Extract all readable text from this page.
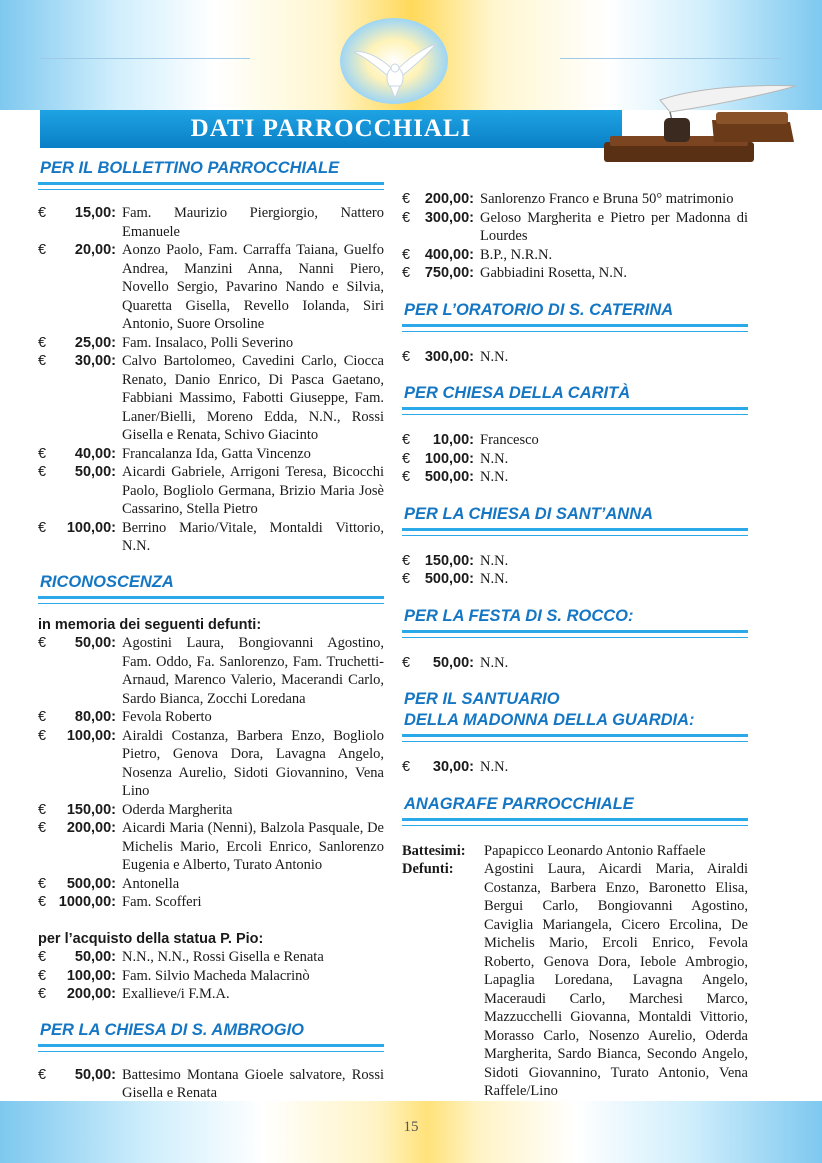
DATI PARROCCHIALI
PER IL BOLLETTINO PARROCCHIALE
€	15,00: Fam. Maurizio Piergiorgio, Nattero Emanuele
€	20,00: Aonzo Paolo, Fam. Carraffa Taiana, Guelfo Andrea, Manzini Anna, Nanni Piero, Novello Sergio, Pavarino Nando e Silvia, Quaretta Gisella, Revello Iolanda, Siri Antonio, Suore Orsoline
€	25,00: Fam. Insalaco, Polli Severino
€	30,00: Calvo Bartolomeo, Cavedini Carlo, Ciocca Renato, Danio Enrico, Di Pasca Gaetano, Fabbiani Massimo, Fabotti Giuseppe, Fam. Laner/Bielli, Moreno Edda, N.N., Rossi Gisella e Renata, Schivo Giacinto
€	40,00: Francalanza Ida, Gatta Vincenzo
€	50,00: Aicardi Gabriele, Arrigoni Teresa, Bicocchi Paolo, Bogliolo Germana, Brizio Maria Josè Cassarino, Stella Pietro
€	100,00: Berrino Mario/Vitale, Montaldi Vittorio, N.N.
RICONOSCENZA

in memoria dei seguenti defunti:

€	50,00: Agostini Laura, Bongiovanni Agostino, Fam. Oddo, Fa. Sanlorenzo, Fam. Truchetti-Arnaud, Marenco Valerio, Macerandi Carlo, Sardo Bianca, Zocchi Loredana
€	80,00: Fevola Roberto
€	100,00: Airaldi Costanza, Barbera Enzo, Bogliolo Pietro, Genova Dora, Lavagna Angelo, Nosenza Aurelio, Sidoti Giovannino, Vena Lino
€	150,00: Oderda Margherita
€	200,00: Aicardi Maria (Nenni), Balzola Pasquale, De Michelis Mario, Ercoli Enrico, Sanlorenzo Eugenia e Alberto, Turato Antonio
€	500,00: Antonella
€ 1000,00: Fam. Scofferi

per l’acquisto della statua P. Pio:

€	50,00: N.N., N.N., Rossi Gisella e Renata
€	100,00: Fam. Silvio Macheda Malacrinò
€	200,00: Exallieve/i F.M.A.
PER LA CHIESA DI S. AMBROGIO
€	50,00: Battesimo Montana Gioele salvatore, Rossi Gisella e Renata
€	200,00: Sanlorenzo Franco e Bruna 50° matrimonio
€	300,00: Geloso Margherita e Pietro per Madonna di Lourdes
€	400,00: B.P., N.R.N.
€	750,00: Gabbiadini Rosetta, N.N.
PER L’ORATORIO DI S. CATERINA
€	300,00: N.N.
PER CHIESA DELLA CARITÀ
€	10,00: Francesco
€	100,00: N.N.
€	500,00: N.N.
PER LA CHIESA DI SANT’ANNA
€	150,00: N.N.
€	500,00: N.N.
PER LA FESTA DI S. ROCCO:
€	50,00: N.N.
PER IL SANTUARIO
DELLA MADONNA DELLA GUARDIA:
€	30,00: N.N.
ANAGRAFE PARROCCHIALE
Battesimi:	Papapicco Leonardo Antonio Raffaele
Defunti:	Agostini Laura, Aicardi Maria, Airaldi Costanza, Barbera Enzo, Baronetto Elisa, Bergui Carlo, Bongiovanni Agostino, Caviglia Mariangela, Cicero Ercolina, De Michelis Mario, Ercoli Enrico, Fevola Roberto, Genova Dora, Iebole Ambrogio, Lapaglia Loredana, Lavagna Angelo, Maceraudi Carlo, Marchesi Marco, Mazzucchelli Giovanna, Montaldi Vittorio, Morasso Carlo, Nosenzo Aurelio, Oderda Margherita, Sardo Bianca, Secondo Angelo, Sidoti Giovannino, Turato Antonio, Vena Raffele/Lino
15
